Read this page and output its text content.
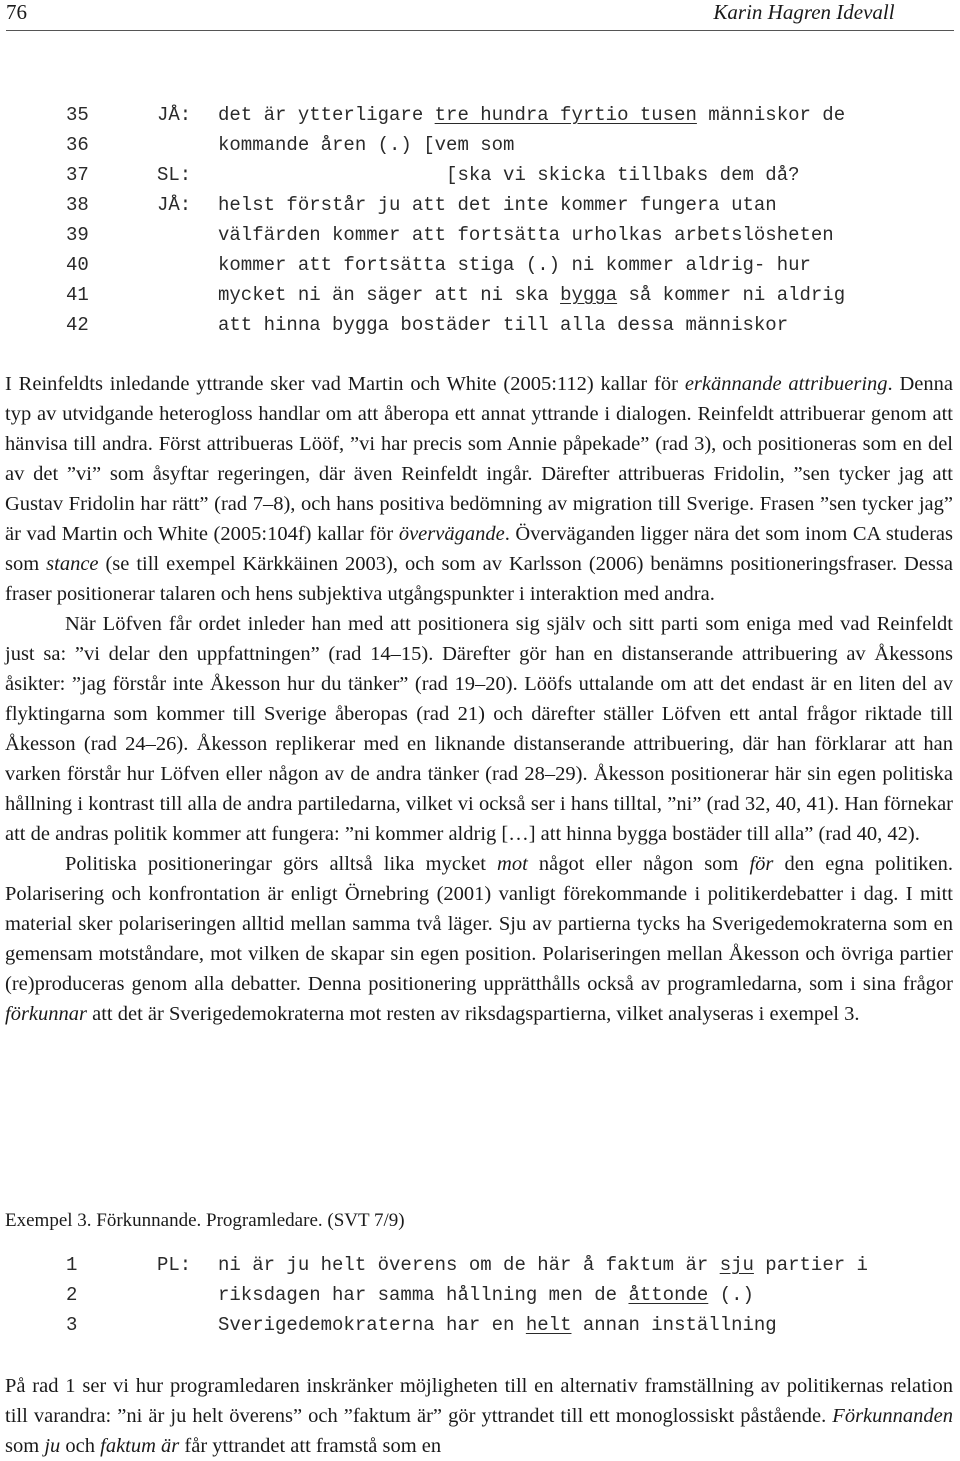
76	Karin Hagren Idevall
35	JÅ: det är ytterligare tre hundra fyrtio tusen människor de
36	kommande åren (.) [vem som
37	SL: [ska vi skicka tillbaks dem då?
38	JÅ: helst förstår ju att det inte kommer fungera utan
39	välfärden kommer att fortsätta urholkas arbetslösheten
40	kommer att fortsätta stiga (.) ni kommer aldrig- hur
41	mycket ni än säger att ni ska bygga så kommer ni aldrig
42	att hinna bygga bostäder till alla dessa människor

I Reinfeldts inledande yttrande sker vad Martin och White (2005:112) kallar för erkännande attribuering. Denna typ av utvidgande heterogloss handlar om att åberopa ett annat yttrande i dialogen. Reinfeldt attribuerar genom att hänvisa till andra. Först attribueras Lööf, ”vi har precis som Annie påpekade” (rad 3), och positioneras som en del av det ”vi” som åsyftar regeringen, där även Reinfeldt ingår. Därefter attribueras Fridolin, ”sen tycker jag att Gustav Fridolin har rätt” (rad 7–8), och hans positiva bedömning av migration till Sverige. Frasen ”sen tycker jag” är vad Martin och White (2005:104f) kallar för övervägande. Överväganden ligger nära det som inom CA studeras som stance (se till exempel Kärkkäinen 2003), och som av Karlsson (2006) benämns positioneringsfraser. Dessa fraser positionerar talaren och hens subjektiva utgångspunkter i interaktion med andra.

När Löfven får ordet inleder han med att positionera sig själv och sitt parti som eniga med vad Reinfeldt just sa: ”vi delar den uppfattningen” (rad 14–15). Därefter gör han en distanserande attribuering av Åkessons åsikter: ”jag förstår inte Åkesson hur du tänker” (rad 19–20). Lööfs uttalande om att det endast är en liten del av flyktingarna som kommer till Sverige åberopas (rad 21) och därefter ställer Löfven ett antal frågor riktade till Åkesson (rad 24–26). Åkesson replikerar med en liknande distanserande attribuering, där han förklarar att han varken förstår hur Löfven eller någon av de andra tänker (rad 28–29). Åkesson positionerar här sin egen politiska hållning i kontrast till alla de andra partiledarna, vilket vi också ser i hans tilltal, ”ni” (rad 32, 40, 41). Han förnekar att de andras politik kommer att fungera: ”ni kommer aldrig […] att hinna bygga bostäder till alla” (rad 40, 42).

Politiska positioneringar görs alltså lika mycket mot något eller någon som för den egna politiken. Polarisering och konfrontation är enligt Örnebring (2001) vanligt förekommande i politikerdebatter i dag. I mitt material sker polariseringen alltid mellan samma två läger. Sju av partierna tycks ha Sverigedemokraterna som en gemensam motståndare, mot vilken de skapar sin egen position. Polariseringen mellan Åkesson och övriga partier (re)produceras genom alla debatter. Denna positionering upprätthålls också av programledarna, som i sina frågor förkunnar att det är Sverigedemokraterna mot resten av riksdagspartierna, vilket analyseras i exempel 3.

Exempel 3. Förkunnande. Programledare. (SVT 7/9)
1	PL: ni är ju helt överens om de här å faktum är sju partier i
2	riksdagen har samma hållning men de åttonde (.)
3	Sverigedemokraterna har en helt annan inställning

På rad 1 ser vi hur programledaren inskränker möjligheten till en alternativ framställning av politikernas relation till varandra: ”ni är ju helt överens” och ”faktum är” gör yttrandet till ett monoglossiskt påstående. Förkunnanden som ju och faktum är får yttrandet att framstå som en
